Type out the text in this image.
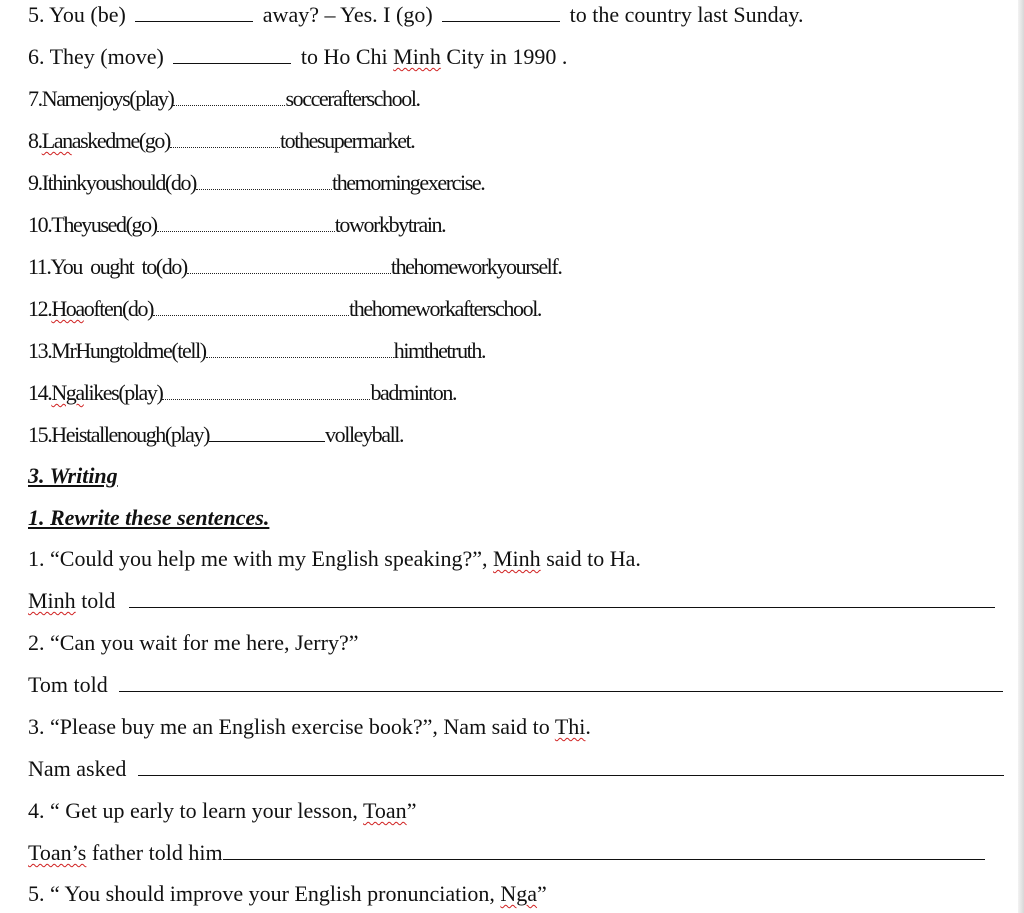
5. You (be)	away? – Yes. I (go)	to the country last Sunday.
6. They (move)	to Ho Chi Minh City in 1990 .
7.Namenjoys(play)	soccerafterschool.
8.Lanaskedme(go)	tothesupermarket.
9.Ithinkyoushould(do)	themorningexercise.
10.Theyused(go)	toworkbytrain.
11.You  ought  to(do)	thehomeworkyourself.
12.Hoaoften(do)	thehomeworkafterschool.
13.MrHungtoldme(tell)	himthetruth.
14.Ngalikes(play)	badminton.
15.Heistallenough(play)	volleyball.
3. Writing
1. Rewrite these sentences.
1. “Could you help me with my English speaking?”, Minh said to Ha.
Minh told
2. “Can you wait for me here, Jerry?”
Tom told
3. “Please buy me an English exercise book?”, Nam said to Thi.
Nam asked
4. “ Get up early to learn your lesson, Toan”
Toan’s father told him
5. “ You should improve your English pronunciation, Nga”
